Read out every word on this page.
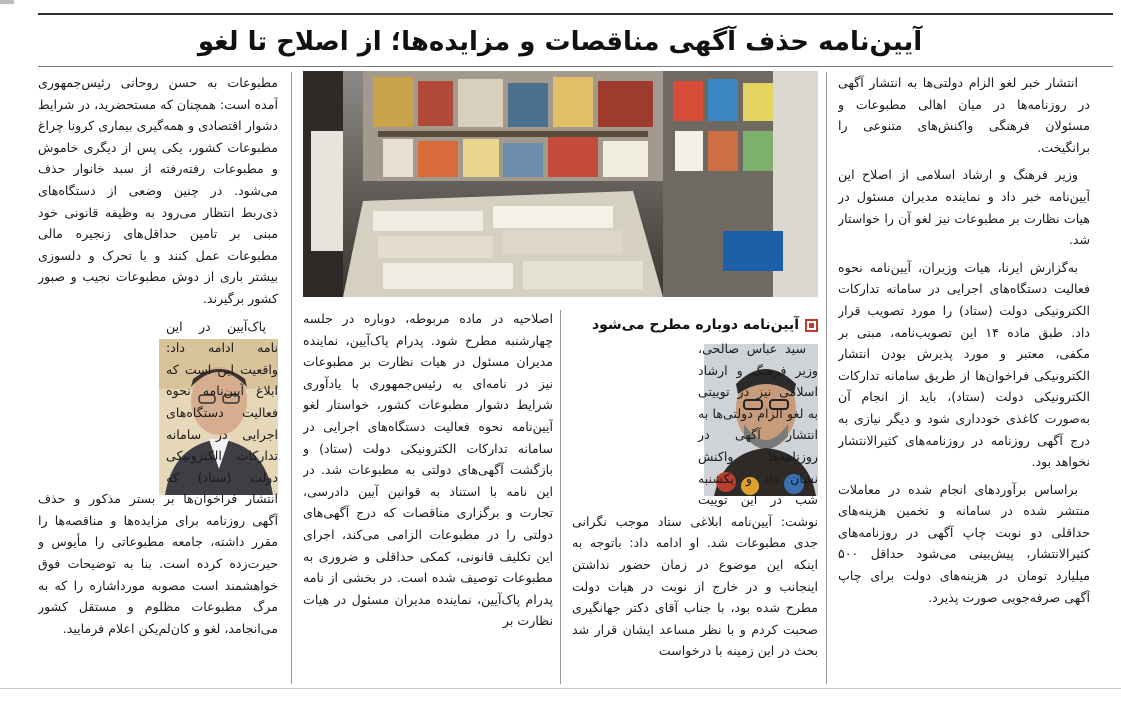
آیین‌نامه حذف آگهی مناقصات و مزایده‌ها؛ از اصلاح تا لغو

انتشار خبر لغو الزام دولتی‌ها به انتشار آگهی در روزنامه‌ها در میان اهالی مطبوعات و مسئولان فرهنگی واکنش‌های متنوعی را برانگیخت.

وزیر فرهنگ و ارشاد اسلامی از اصلاح این آیین‌نامه خبر داد و نماینده مدیران مسئول در هیات نظارت بر مطبوعات نیز لغو آن را خواستار شد.

به‌گزارش ایرنا، هیات وزیران، آیین‌نامه نحوه فعالیت دستگاه‌های اجرایی در سامانه تدارکات الکترونیکی دولت (ستاد) را مورد تصویب قرار داد. طبق ماده ۱۴ این تصویب‌نامه، مبنی بر مکفی، معتبر و مورد پذیرش بودن انتشار الکترونیکی فراخوان‌ها از طریق سامانه تدارکات الکترونیکی دولت (ستاد)، باید از انجام آن به‌صورت کاغذی خودداری شود و دیگر نیازی به درج آگهی روزنامه در روزنامه‌های کثیرالانتشار نخواهد بود.

براساس برآوردهای انجام شده در معاملات منتشر شده در سامانه و تخمین هزینه‌های حداقلی دو نوبت چاپ آگهی در روزنامه‌های کثیرالانتشار، پیش‌بینی می‌شود حداقل ۵۰۰ میلیارد تومان در هزینه‌های دولت برای چاپ آگهی صرفه‌جویی صورت پذیرد.

آیین‌نامه دوباره مطرح می‌شود

سید عباس صالحی، وزیر فرهنگ و ارشاد اسلامی نیز در توییتی به لغو الزام دولتی‌ها به انتشار آگهی در روزنامه‌ها واکنش نشان داد و یکشنبه شب در این توییت نوشت: آیین‌نامه ابلاغی ستاد موجب نگرانی جدی مطبوعات شد. او ادامه داد: باتوجه به اینکه این موضوع در زمان حضور نداشتن اینجانب و در خارج از نوبت در هیات دولت مطرح شده بود، با جناب آقای دکتر جهانگیری صحبت کردم و با نظر مساعد ایشان قرار شد بحث در این زمینه با درخواست

اصلاحیه در ماده مربوطه، دوباره در جلسه چهارشنبه مطرح شود. پدرام پاک‌آیین، نماینده مدیران مسئول در هیات نظارت بر مطبوعات نیز در نامه‌ای به رئیس‌جمهوری با یادآوری شرایط دشوار مطبوعات کشور، خواستار لغو آیین‌نامه نحوه فعالیت دستگاه‌های اجرایی در سامانه تدارکات الکترونیکی دولت (ستاد) و بازگشت آگهی‌های دولتی به مطبوعات شد. در این نامه با استناد به قوانین آیین دادرسی، تجارت و برگزاری مناقصات که درج آگهی‌های دولتی را در مطبوعات الزامی می‌کند، اجرای این تکلیف قانونی، کمکی حداقلی و ضروری به مطبوعات توصیف شده است. در بخشی از نامه پدرام پاک‌آیین، نماینده مدیران مسئول در هیات نظارت بر

مطبوعات به حسن روحانی رئیس‌جمهوری آمده است: همچنان که مستحضرید، در شرایط دشوار اقتصادی و همه‌گیری بیماری کرونا چراغ مطبوعات کشور، یکی پس از دیگری خاموش و مطبوعات رفته‌رفته از سبد خانوار حذف می‌شود. در چنین وضعی از دستگاه‌های ذی‌ربط انتظار می‌رود به وظیفه قانونی خود مبنی بر تامین حداقل‌های زنجیره مالی مطبوعات عمل کنند و با تحرک و دلسوزی بیشتر باری از دوش مطبوعات نجیب و صبور کشور برگیرند.

پاک‌آیین در این نامه ادامه داد: واقعیت این است که ابلاغ آیین‌نامه نحوه فعالیت دستگاه‌های اجرایی در سامانه تدارکات الکترونیکی دولت (ستاد) که انتشار فراخوان‌ها بر بستر مذکور و حذف آگهی روزنامه برای مزایده‌ها و مناقصه‌ها را مقرر داشته، جامعه مطبوعاتی را مأیوس و حیرت‌زده کرده است. بنا به توضیحات فوق خواهشمند است مصوبه مورداشاره را که به مرگ مطبوعات مظلوم و مستقل کشور می‌انجامد، لغو و کان‌لم‌یکن اعلام فرمایید.
